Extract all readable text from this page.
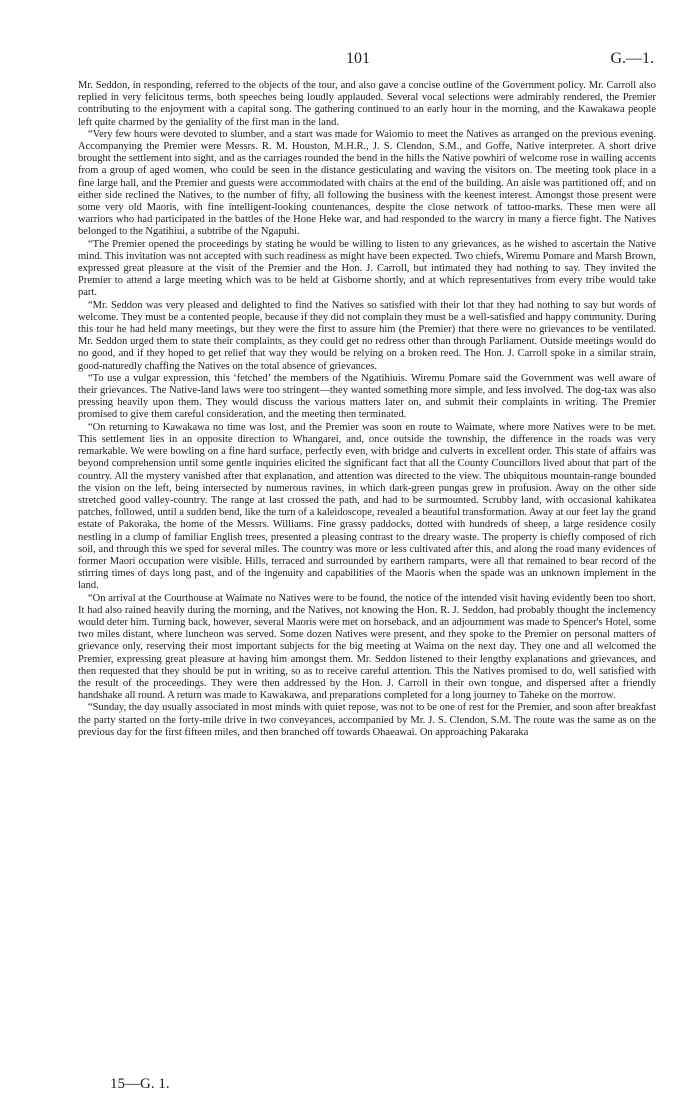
101	G.—1.

Mr. Seddon, in responding, referred to the objects of the tour, and also gave a concise outline of the Government policy. Mr. Carroll also replied in very felicitous terms, both speeches being loudly applauded. Several vocal selections were admirably rendered, the Premier contributing to the enjoyment with a capital song. The gathering continued to an early hour in the morning, and the Kawakawa people left quite charmed by the geniality of the first man in the land.

“Very few hours were devoted to slumber, and a start was made for Waiomio to meet the Natives as arranged on the previous evening. Accompanying the Premier were Messrs. R. M. Houston, M.H.R., J. S. Clendon, S.M., and Goffe, Native interpreter. A short drive brought the settlement into sight, and as the carriages rounded the bend in the hills the Native powhiri of welcome rose in wailing accents from a group of aged women, who could be seen in the distance gesticulating and waving the visitors on. The meeting took place in a fine large hall, and the Premier and guests were accommodated with chairs at the end of the building. An aisle was partitioned off, and on either side reclined the Natives, to the number of fifty, all following the business with the keenest interest. Amongst those present were some very old Maoris, with fine intelligent-looking countenances, despite the close network of tattoo-marks. These men were all warriors who had participated in the battles of the Hone Heke war, and had responded to the warcry in many a fierce fight. The Natives belonged to the Ngatihiui, a subtribe of the Ngapuhi.

“The Premier opened the proceedings by stating he would be willing to listen to any grievances, as he wished to ascertain the Native mind. This invitation was not accepted with such readiness as might have been expected. Two chiefs, Wiremu Pomare and Marsh Brown, expressed great pleasure at the visit of the Premier and the Hon. J. Carroll, but intimated they had nothing to say. They invited the Premier to attend a large meeting which was to be held at Gisborne shortly, and at which representatives from every tribe would take part.

“Mr. Seddon was very pleased and delighted to find the Natives so satisfied with their lot that they had nothing to say but words of welcome. They must be a contented people, because if they did not complain they must be a well-satisfied and happy community. During this tour he had held many meetings, but they were the first to assure him (the Premier) that there were no grievances to be ventilated. Mr. Seddon urged them to state their complaints, as they could get no redress other than through Parliament. Outside meetings would do no good, and if they hoped to get relief that way they would be relying on a broken reed. The Hon. J. Carroll spoke in a similar strain, good-naturedly chaffing the Natives on the total absence of grievances.

“To use a vulgar expression, this ‘fetched’ the members of the Ngatihiuis. Wiremu Pomare said the Government was well aware of their grievances. The Native-land laws were too stringent—they wanted something more simple, and less involved. The dog-tax was also pressing heavily upon them. They would discuss the various matters later on, and submit their complaints in writing. The Premier promised to give them careful consideration, and the meeting then terminated.

“On returning to Kawakawa no time was lost, and the Premier was soon en route to Waimate, where more Natives were to be met. This settlement lies in an opposite direction to Whangarei, and, once outside the township, the difference in the roads was very remarkable. We were bowling on a fine hard surface, perfectly even, with bridge and culverts in excellent order. This state of affairs was beyond comprehension until some gentle inquiries elicited the significant fact that all the County Councillors lived about that part of the country. All the mystery vanished after that explanation, and attention was directed to the view. The ubiquitous mountain-range bounded the vision on the left, being intersected by numerous ravines, in which dark-green pungas grew in profusion. Away on the other side stretched good valley-country. The range at last crossed the path, and had to be surmounted. Scrubby land, with occasional kahikatea patches, followed, until a sudden bend, like the turn of a kaleidoscope, revealed a beautiful transformation. Away at our feet lay the grand estate of Pakoraka, the home of the Messrs. Williams. Fine grassy paddocks, dotted with hundreds of sheep, a large residence cosily nestling in a clump of familiar English trees, presented a pleasing contrast to the dreary waste. The property is chiefly composed of rich soil, and through this we sped for several miles. The country was more or less cultivated after this, and along the road many evidences of former Maori occupation were visible. Hills, terraced and surrounded by earthern ramparts, were all that remained to bear record of the stirring times of days long past, and of the ingenuity and capabilities of the Maoris when the spade was an unknown implement in the land.

“On arrival at the Courthouse at Waimate no Natives were to be found, the notice of the intended visit having evidently been too short. It had also rained heavily during the morning, and the Natives, not knowing the Hon. R. J. Seddon, had probably thought the inclemency would deter him. Turning back, however, several Maoris were met on horseback, and an adjournment was made to Spencer's Hotel, some two miles distant, where luncheon was served. Some dozen Natives were present, and they spoke to the Premier on personal matters of grievance only, reserving their most important subjects for the big meeting at Waima on the next day. They one and all welcomed the Premier, expressing great pleasure at having him amongst them. Mr. Seddon listened to their lengthy explanations and grievances, and then requested that they should be put in writing, so as to receive careful attention. This the Natives promised to do, well satisfied with the result of the proceedings. They were then addressed by the Hon. J. Carroll in their own tongue, and dispersed after a friendly handshake all round. A return was made to Kawakawa, and preparations completed for a long journey to Taheke on the morrow.

“Sunday, the day usually associated in most minds with quiet repose, was not to be one of rest for the Premier, and soon after breakfast the party started on the forty-mile drive in two conveyances, accompanied by Mr. J. S. Clendon, S.M. The route was the same as on the previous day for the first fifteen miles, and then branched off towards Ohaeawai. On approaching Pakaraka

15—G. 1.
